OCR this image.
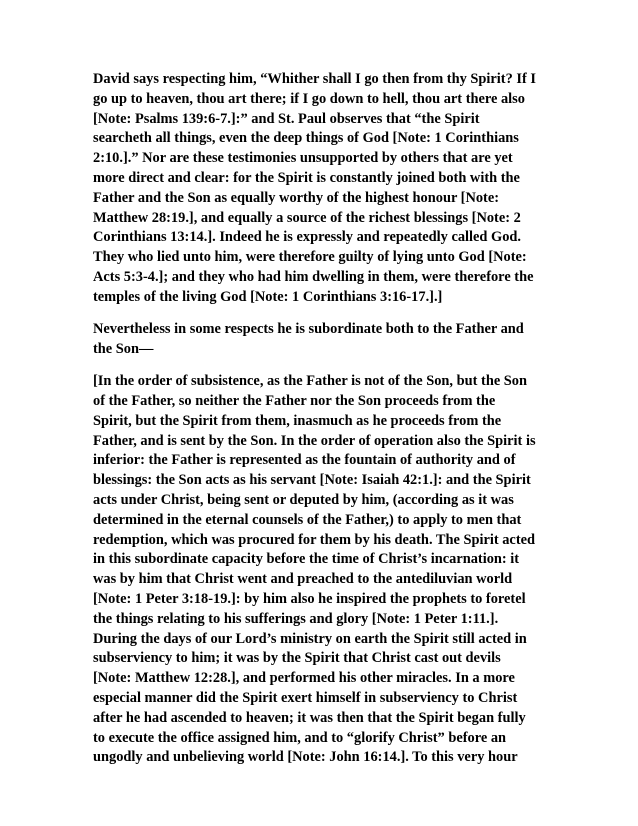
David says respecting him, “Whither shall I go then from thy Spirit? If I
go up to heaven, thou art there; if I go down to hell, thou art there also
[Note: Psalms 139:6-7.]:” and St. Paul observes that “the Spirit
searcheth all things, even the deep things of God [Note: 1 Corinthians
2:10.].” Nor are these testimonies unsupported by others that are yet
more direct and clear: for the Spirit is constantly joined both with the
Father and the Son as equally worthy of the highest honour [Note:
Matthew 28:19.], and equally a source of the richest blessings [Note: 2
Corinthians 13:14.]. Indeed he is expressly and repeatedly called God.
They who lied unto him, were therefore guilty of lying unto God [Note:
Acts 5:3-4.]; and they who had him dwelling in them, were therefore the
temples of the living God [Note: 1 Corinthians 3:16-17.].]

Nevertheless in some respects he is subordinate both to the Father and
the Son—

[In the order of subsistence, as the Father is not of the Son, but the Son
of the Father, so neither the Father nor the Son proceeds from the
Spirit, but the Spirit from them, inasmuch as he proceeds from the
Father, and is sent by the Son. In the order of operation also the Spirit is
inferior: the Father is represented as the fountain of authority and of
blessings: the Son acts as his servant [Note: Isaiah 42:1.]: and the Spirit
acts under Christ, being sent or deputed by him, (according as it was
determined in the eternal counsels of the Father,) to apply to men that
redemption, which was procured for them by his death. The Spirit acted
in this subordinate capacity before the time of Christ’s incarnation: it
was by him that Christ went and preached to the antediluvian world
[Note: 1 Peter 3:18-19.]: by him also he inspired the prophets to foretel
the things relating to his sufferings and glory [Note: 1 Peter 1:11.].
During the days of our Lord’s ministry on earth the Spirit still acted in
subserviency to him; it was by the Spirit that Christ cast out devils
[Note: Matthew 12:28.], and performed his other miracles. In a more
especial manner did the Spirit exert himself in subserviency to Christ
after he had ascended to heaven; it was then that the Spirit began fully
to execute the office assigned him, and to “glorify Christ” before an
ungodly and unbelieving world [Note: John 16:14.]. To this very hour
